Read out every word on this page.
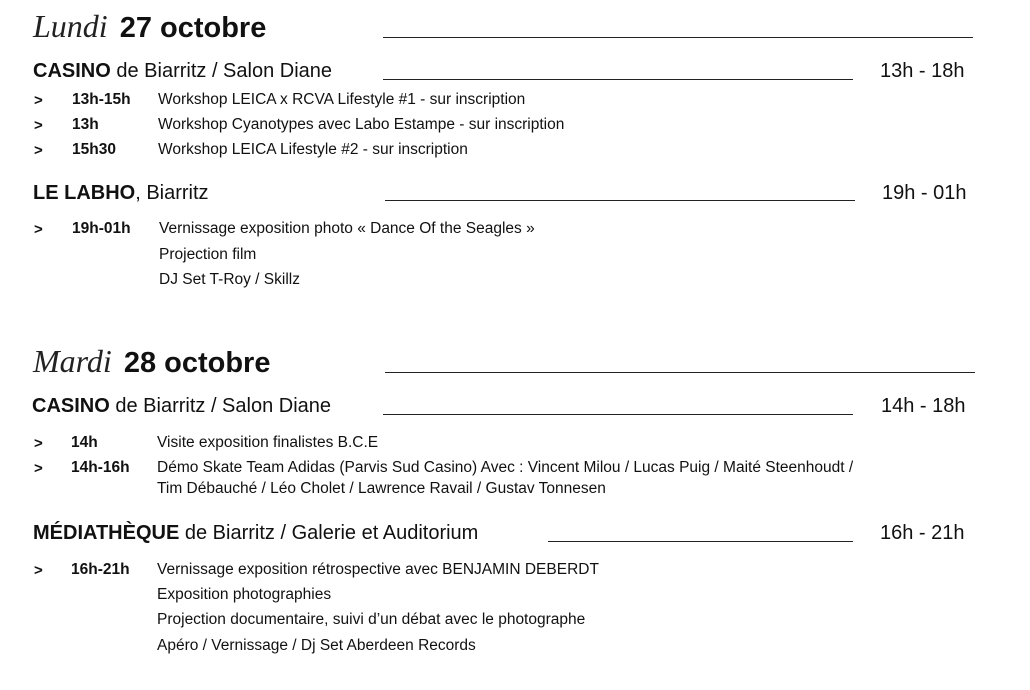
Lundi 27 octobre
CASINO de Biarritz / Salon Diane	13h - 18h
> 13h-15h Workshop LEICA x RCVA Lifestyle #1 - sur inscription
> 13h	Workshop Cyanotypes avec Labo Estampe - sur inscription
> 15h30	Workshop LEICA Lifestyle #2 - sur inscription
LE LABHO, Biarritz	19h - 01h
> 19h-01h Vernissage exposition photo « Dance Of the Seagles »
Projection film
DJ Set T-Roy / Skillz
Mardi 28 octobre
CASINO de Biarritz / Salon Diane	14h - 18h
> 14h	Visite exposition finalistes B.C.E
> 14h-16h Démo Skate Team Adidas (Parvis Sud Casino) Avec : Vincent Milou / Lucas Puig / Maité Steenhoudt /
Tim Débauché / Léo Cholet / Lawrence Ravail / Gustav Tonnesen
MÉDIATHÈQUE de Biarritz / Galerie et Auditorium	16h - 21h
> 16h-21h Vernissage exposition rétrospective avec BENJAMIN DEBERDT
Exposition photographies
Projection documentaire, suivi d’un débat avec le photographe
Apéro / Vernissage / Dj Set Aberdeen Records
